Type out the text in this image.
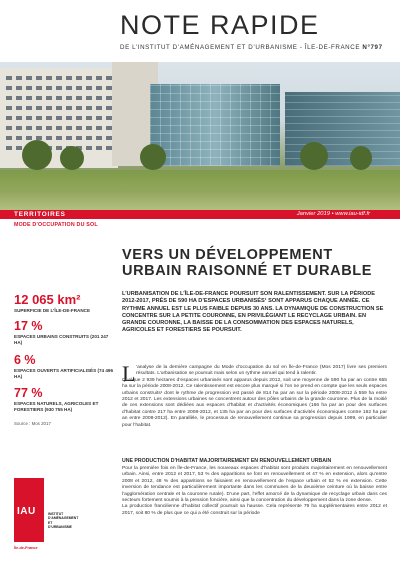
NOTE RAPIDE
DE L’INSTITUT D’AMÉNAGEMENT ET D’URBANISME - ÎLE-DE-FRANCE N°797
TERRITOIRES	Janvier 2019 • www.iau-idf.fr
MODE D’OCCUPATION DU SOL
VERS UN DÉVELOPPEMENT URBAIN RAISONNÉ ET DURABLE
L’URBANISATION DE L’ÎLE-DE-FRANCE POURSUIT SON RALENTISSEMENT. SUR LA PÉRIODE 2012-2017, PRÈS DE 590 HA D’ESPACES URBANISÉS¹ SONT APPARUS CHAQUE ANNÉE. CE RYTHME ANNUEL EST LE PLUS FAIBLE DEPUIS 30 ANS. LA DYNAMIQUE DE CONSTRUCTION SE CONCENTRE SUR LA PETITE COURONNE, EN PRIVILÉGIANT LE RECYCLAGE URBAIN. EN GRANDE COURONNE, LA BAISSE DE LA CONSOMMATION DES ESPACES NATURELS, AGRICOLES ET FORESTIERS SE POURSUIT.
12 065 km²
SUPERFICIE DE L’ÎLE-DE-FRANCE
17 %
ESPACES URBAINS CONSTRUITS (201 247 HA)
6 %
ESPACES OUVERTS ARTIFICIALISÉS (74 496 HA)
77 %
ESPACES NATURELS, AGRICOLES ET FORESTIERS (930 755 HA)
Source : Mos 2017
L ’analyse de la dernière campagne du Mode d’occupation du sol en Île-de-France (Mos 2017) livre ses premiers résultats. L’urbanisation se poursuit mais selon un rythme annuel qui tend à ralentir.
Quelque 2 939 hectares d’espaces urbanisés sont apparus depuis 2012, soit une moyenne de 590 ha par an contre 655 ha sur la période 2008-2012. Ce ralentissement est encore plus marqué si l’on ne prend en compte que les seuls espaces urbains construits¹ dont le rythme de progression est passé de 814 ha par an sur la période 2008-2012 à 559 ha entre 2012 et 2017. Les extensions urbaines se concentrent autour des pôles urbains de la grande couronne. Plus de la moitié de ces extensions sont dédiées aux espaces d’habitat et d’activités économiques (166 ha par an pour des surfaces d’habitat contre 217 ha entre 2008-2012, et 135 ha par an pour des surfaces d’activités économiques contre 162 ha par an entre 2008-2012). En parallèle, le processus de renouvellement continue sa progression depuis 1999, en particulier pour l’habitat.
UNE PRODUCTION D’HABITAT MAJORITAIREMENT EN RENOUVELLEMENT URBAIN

Pour la première fois en Île-de-France, les nouveaux espaces d’habitat sont produits majoritairement en renouvellement urbain. Ainsi, entre 2012 et 2017, 53 % des apparitions se font en renouvellement et 47 % en extension, alors qu’entre 2008 et 2012, 48 % des apparitions se faisaient en renouvellement de l’espace urbain et 52 % en extension. Cette inversion de tendance est particulièrement importante dans les communes de la deuxième ceinture où la baisse entre l’agglomération centrale et la couronne rurale). D’une part, l’effet amorcé de la dynamique de recyclage urbain dans ces secteurs fortement soumis à la pression foncière, ainsi que la concentration du développement dans la zone dense.

La production francilienne d’habitat collectif poursuit sa hausse. Cela représente 79 ha supplémentaires entre 2012 et 2017, soit 80 % de plus que ce qui a été construit sur la période

IAU	INSTITUT D’AMÉNAGEMENT ET D’URBANISME
Île-de-France
